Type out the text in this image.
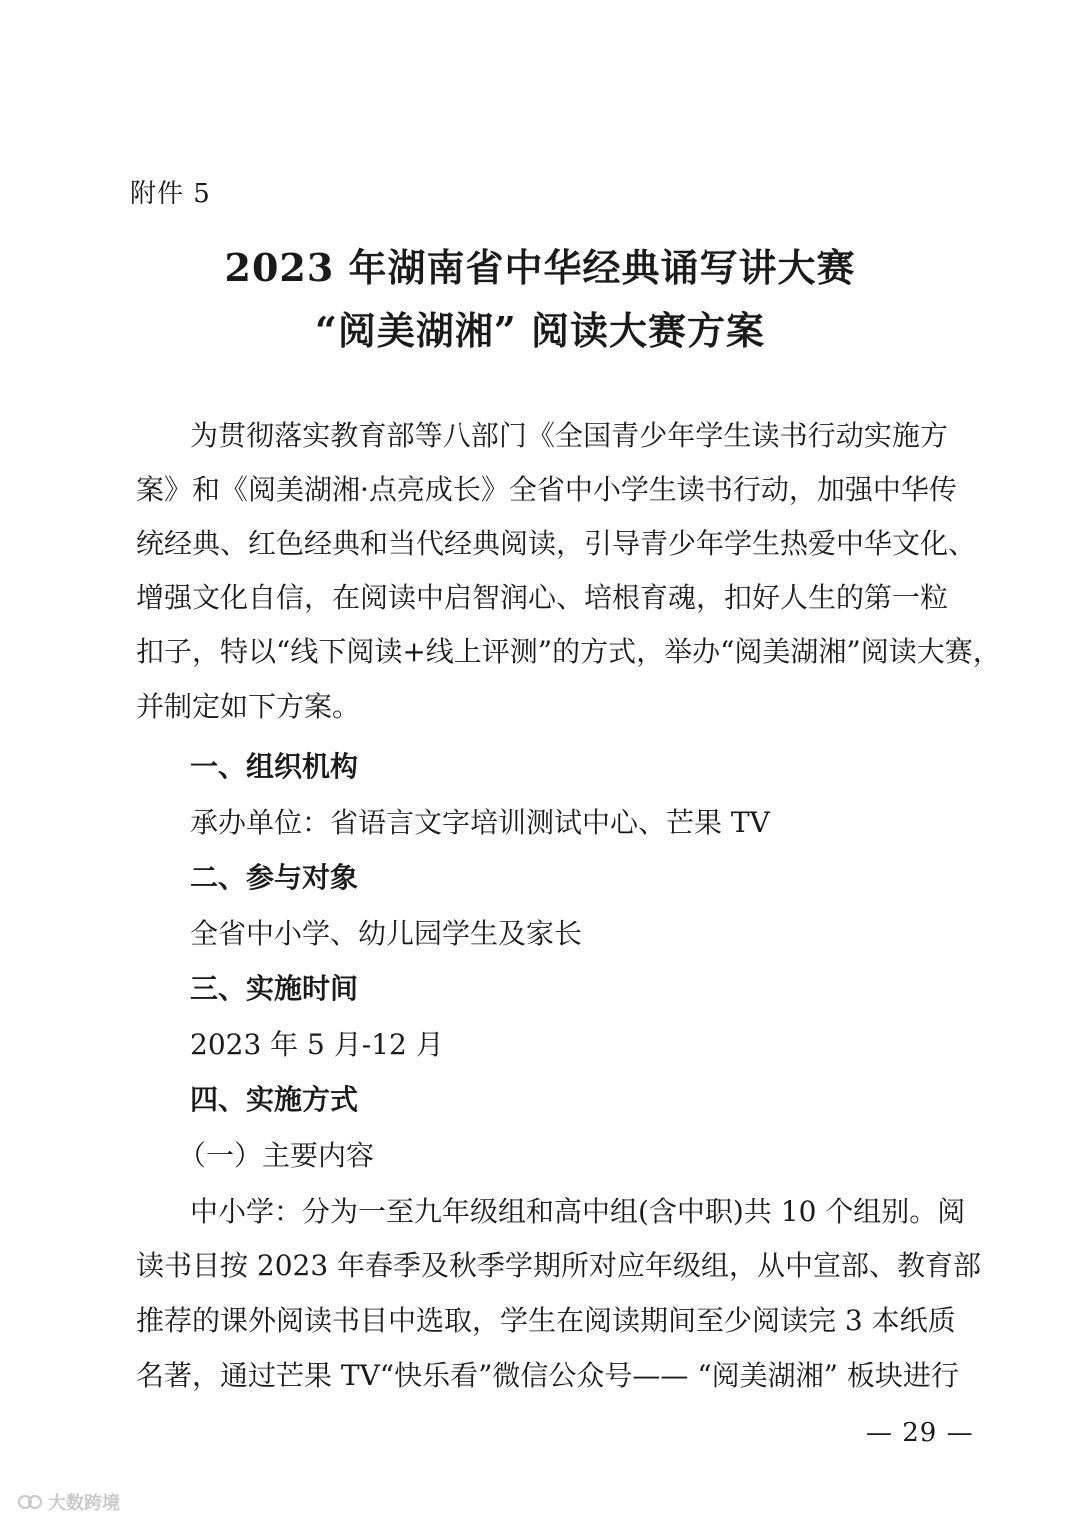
附件 5
2023 年湖南省中华经典诵写讲大赛
“阅美湖湘” 阅读大赛方案
为贯彻落实教育部等八部门《全国青少年学生读书行动实施方
案》和《阅美湖湘·点亮成长》全省中小学生读书行动，加强中华传
统经典、红色经典和当代经典阅读，引导青少年学生热爱中华文化、
增强文化自信，在阅读中启智润心、培根育魂，扣好人生的第一粒
扣子，特以“线下阅读+线上评测”的方式，举办“阅美湖湘”阅读大赛，
并制定如下方案。
一、组织机构
承办单位：省语言文字培训测试中心、芒果 TV
二、参与对象
全省中小学、幼儿园学生及家长
三、实施时间
2023 年 5 月-12 月
四、实施方式
（一）主要内容
中小学：分为一至九年级组和高中组(含中职)共 10 个组别。阅
读书目按 2023 年春季及秋季学期所对应年级组，从中宣部、教育部
推荐的课外阅读书目中选取，学生在阅读期间至少阅读完 3 本纸质
名著，通过芒果 TV“快乐看”微信公众号—— “阅美湖湘” 板块进行
— 29 —
大数跨境
